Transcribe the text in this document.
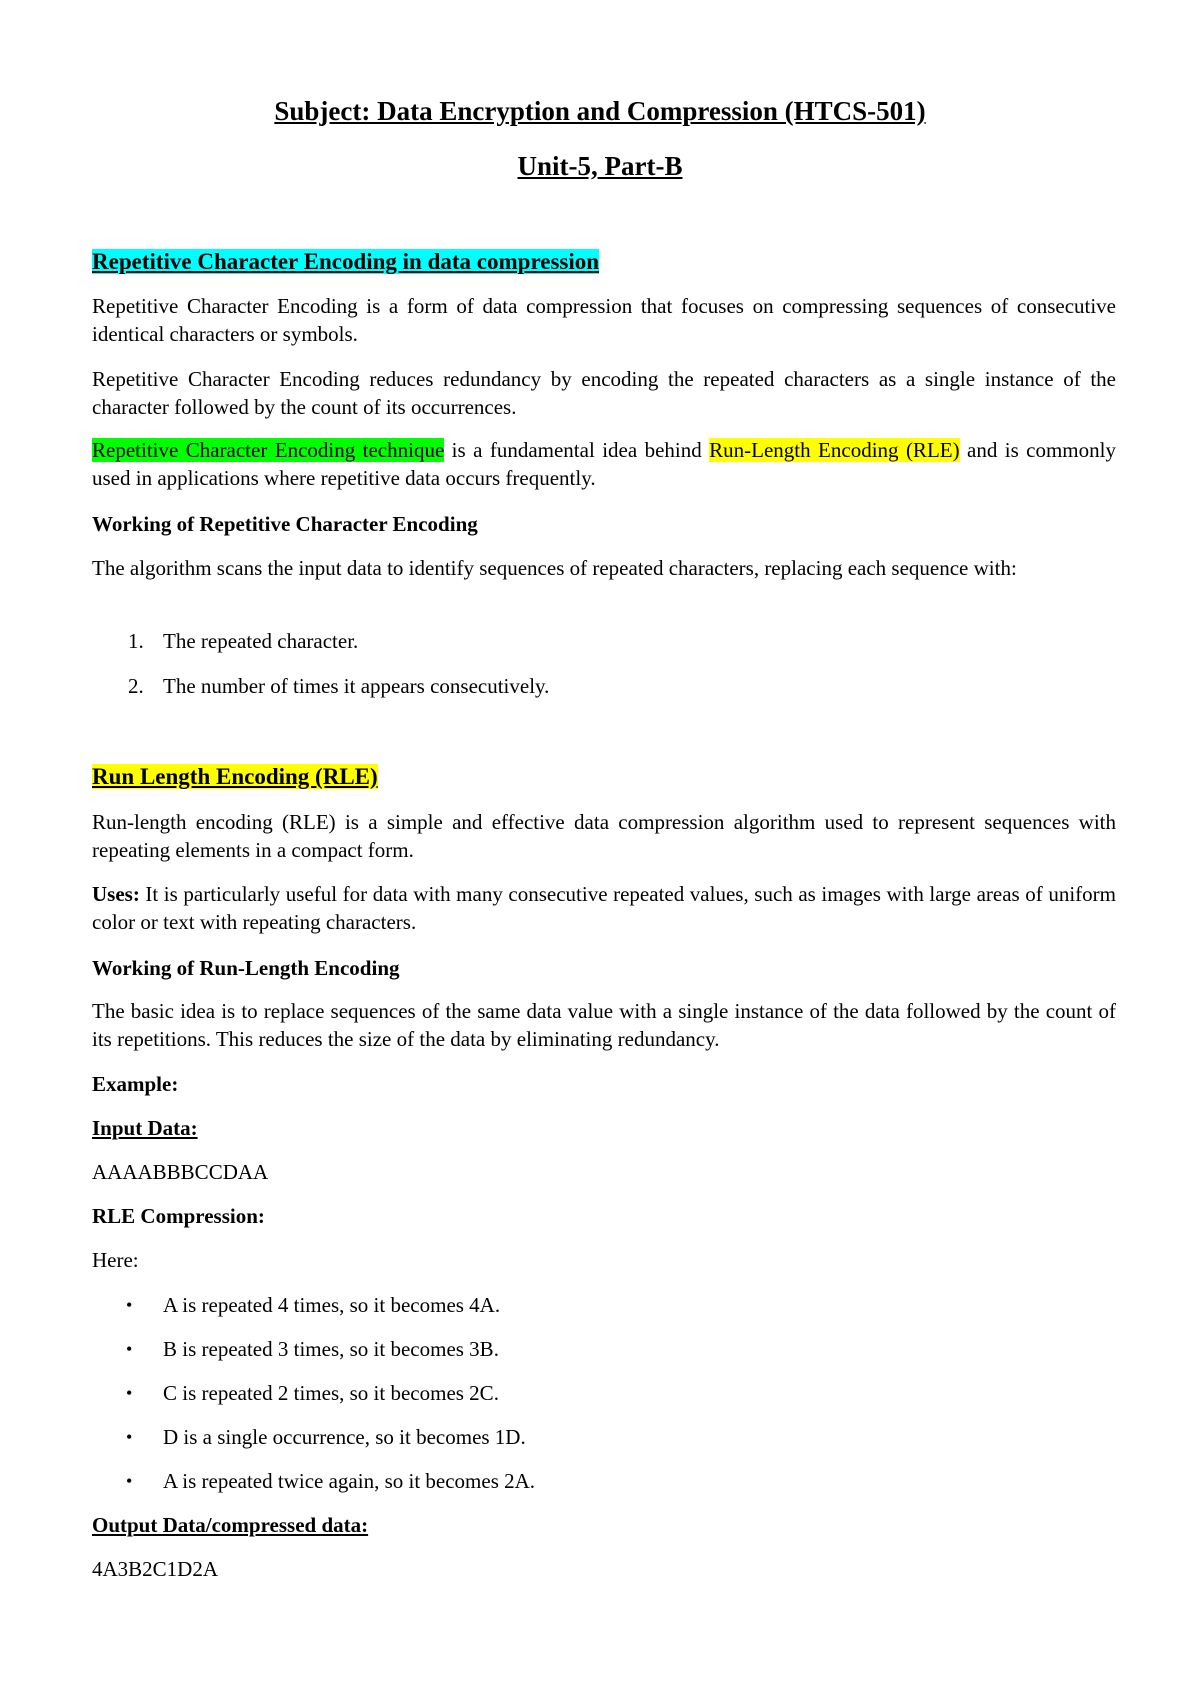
Subject: Data Encryption and Compression (HTCS-501)

Unit-5, Part-B

Repetitive Character Encoding in data compression

Repetitive Character Encoding is a form of data compression that focuses on compressing sequences of consecutive identical characters or symbols.

Repetitive Character Encoding reduces redundancy by encoding the repeated characters as a single instance of the character followed by the count of its occurrences.

Repetitive Character Encoding technique is a fundamental idea behind Run-Length Encoding (RLE) and is commonly used in applications where repetitive data occurs frequently.

Working of Repetitive Character Encoding

The algorithm scans the input data to identify sequences of repeated characters, replacing each sequence with:

1. The repeated character.
2. The number of times it appears consecutively.

Run Length Encoding (RLE)

Run-length encoding (RLE) is a simple and effective data compression algorithm used to represent sequences with repeating elements in a compact form.

Uses: It is particularly useful for data with many consecutive repeated values, such as images with large areas of uniform color or text with repeating characters.

Working of Run-Length Encoding

The basic idea is to replace sequences of the same data value with a single instance of the data followed by the count of its repetitions. This reduces the size of the data by eliminating redundancy.

Example:

Input Data:

AAAABBBCCDAA

RLE Compression:

Here:

• A is repeated 4 times, so it becomes 4A.
• B is repeated 3 times, so it becomes 3B.
• C is repeated 2 times, so it becomes 2C.
• D is a single occurrence, so it becomes 1D.
• A is repeated twice again, so it becomes 2A.

Output Data/compressed data:

4A3B2C1D2A
